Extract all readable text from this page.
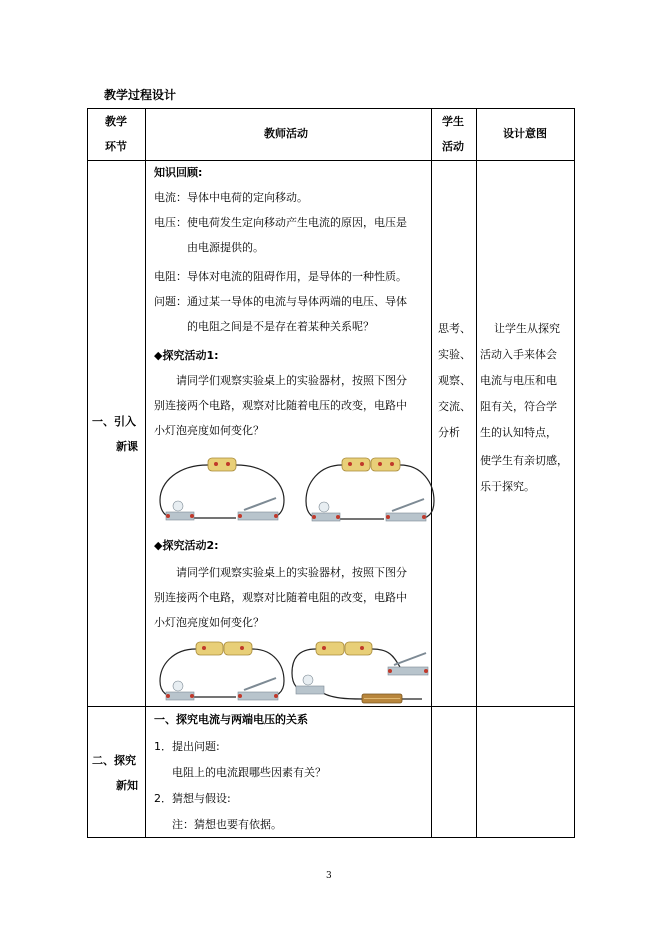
教学过程设计
教学
环节
教师活动
学生
活动
设计意图
一、引入
新课
知识回顾:
电流：导体中电荷的定向移动。
电压：使电荷发生定向移动产生电流的原因，电压是
由电源提供的。
电阻：导体对电流的阻碍作用，是导体的一种性质。
问题：通过某一导体的电流与导体两端的电压、导体
的电阻之间是不是存在着某种关系呢？
◆探究活动1:
请同学们观察实验桌上的实验器材，按照下图分
别连接两个电路，观察对比随着电压的改变，电路中
小灯泡亮度如何变化？
◆探究活动2:
请同学们观察实验桌上的实验器材，按照下图分
别连接两个电路，观察对比随着电阻的改变，电路中
小灯泡亮度如何变化？
思考、
实验、
观察、
交流、
分析
让学生从探究
活动入手来体会
电流与电压和电
阻有关，符合学
生的认知特点，
使学生有亲切感，
乐于探究。
二、探究
新知
一、探究电流与两端电压的关系
1．提出问题:
电阻上的电流跟哪些因素有关？
2．猜想与假设:
注：猜想也要有依据。
3
